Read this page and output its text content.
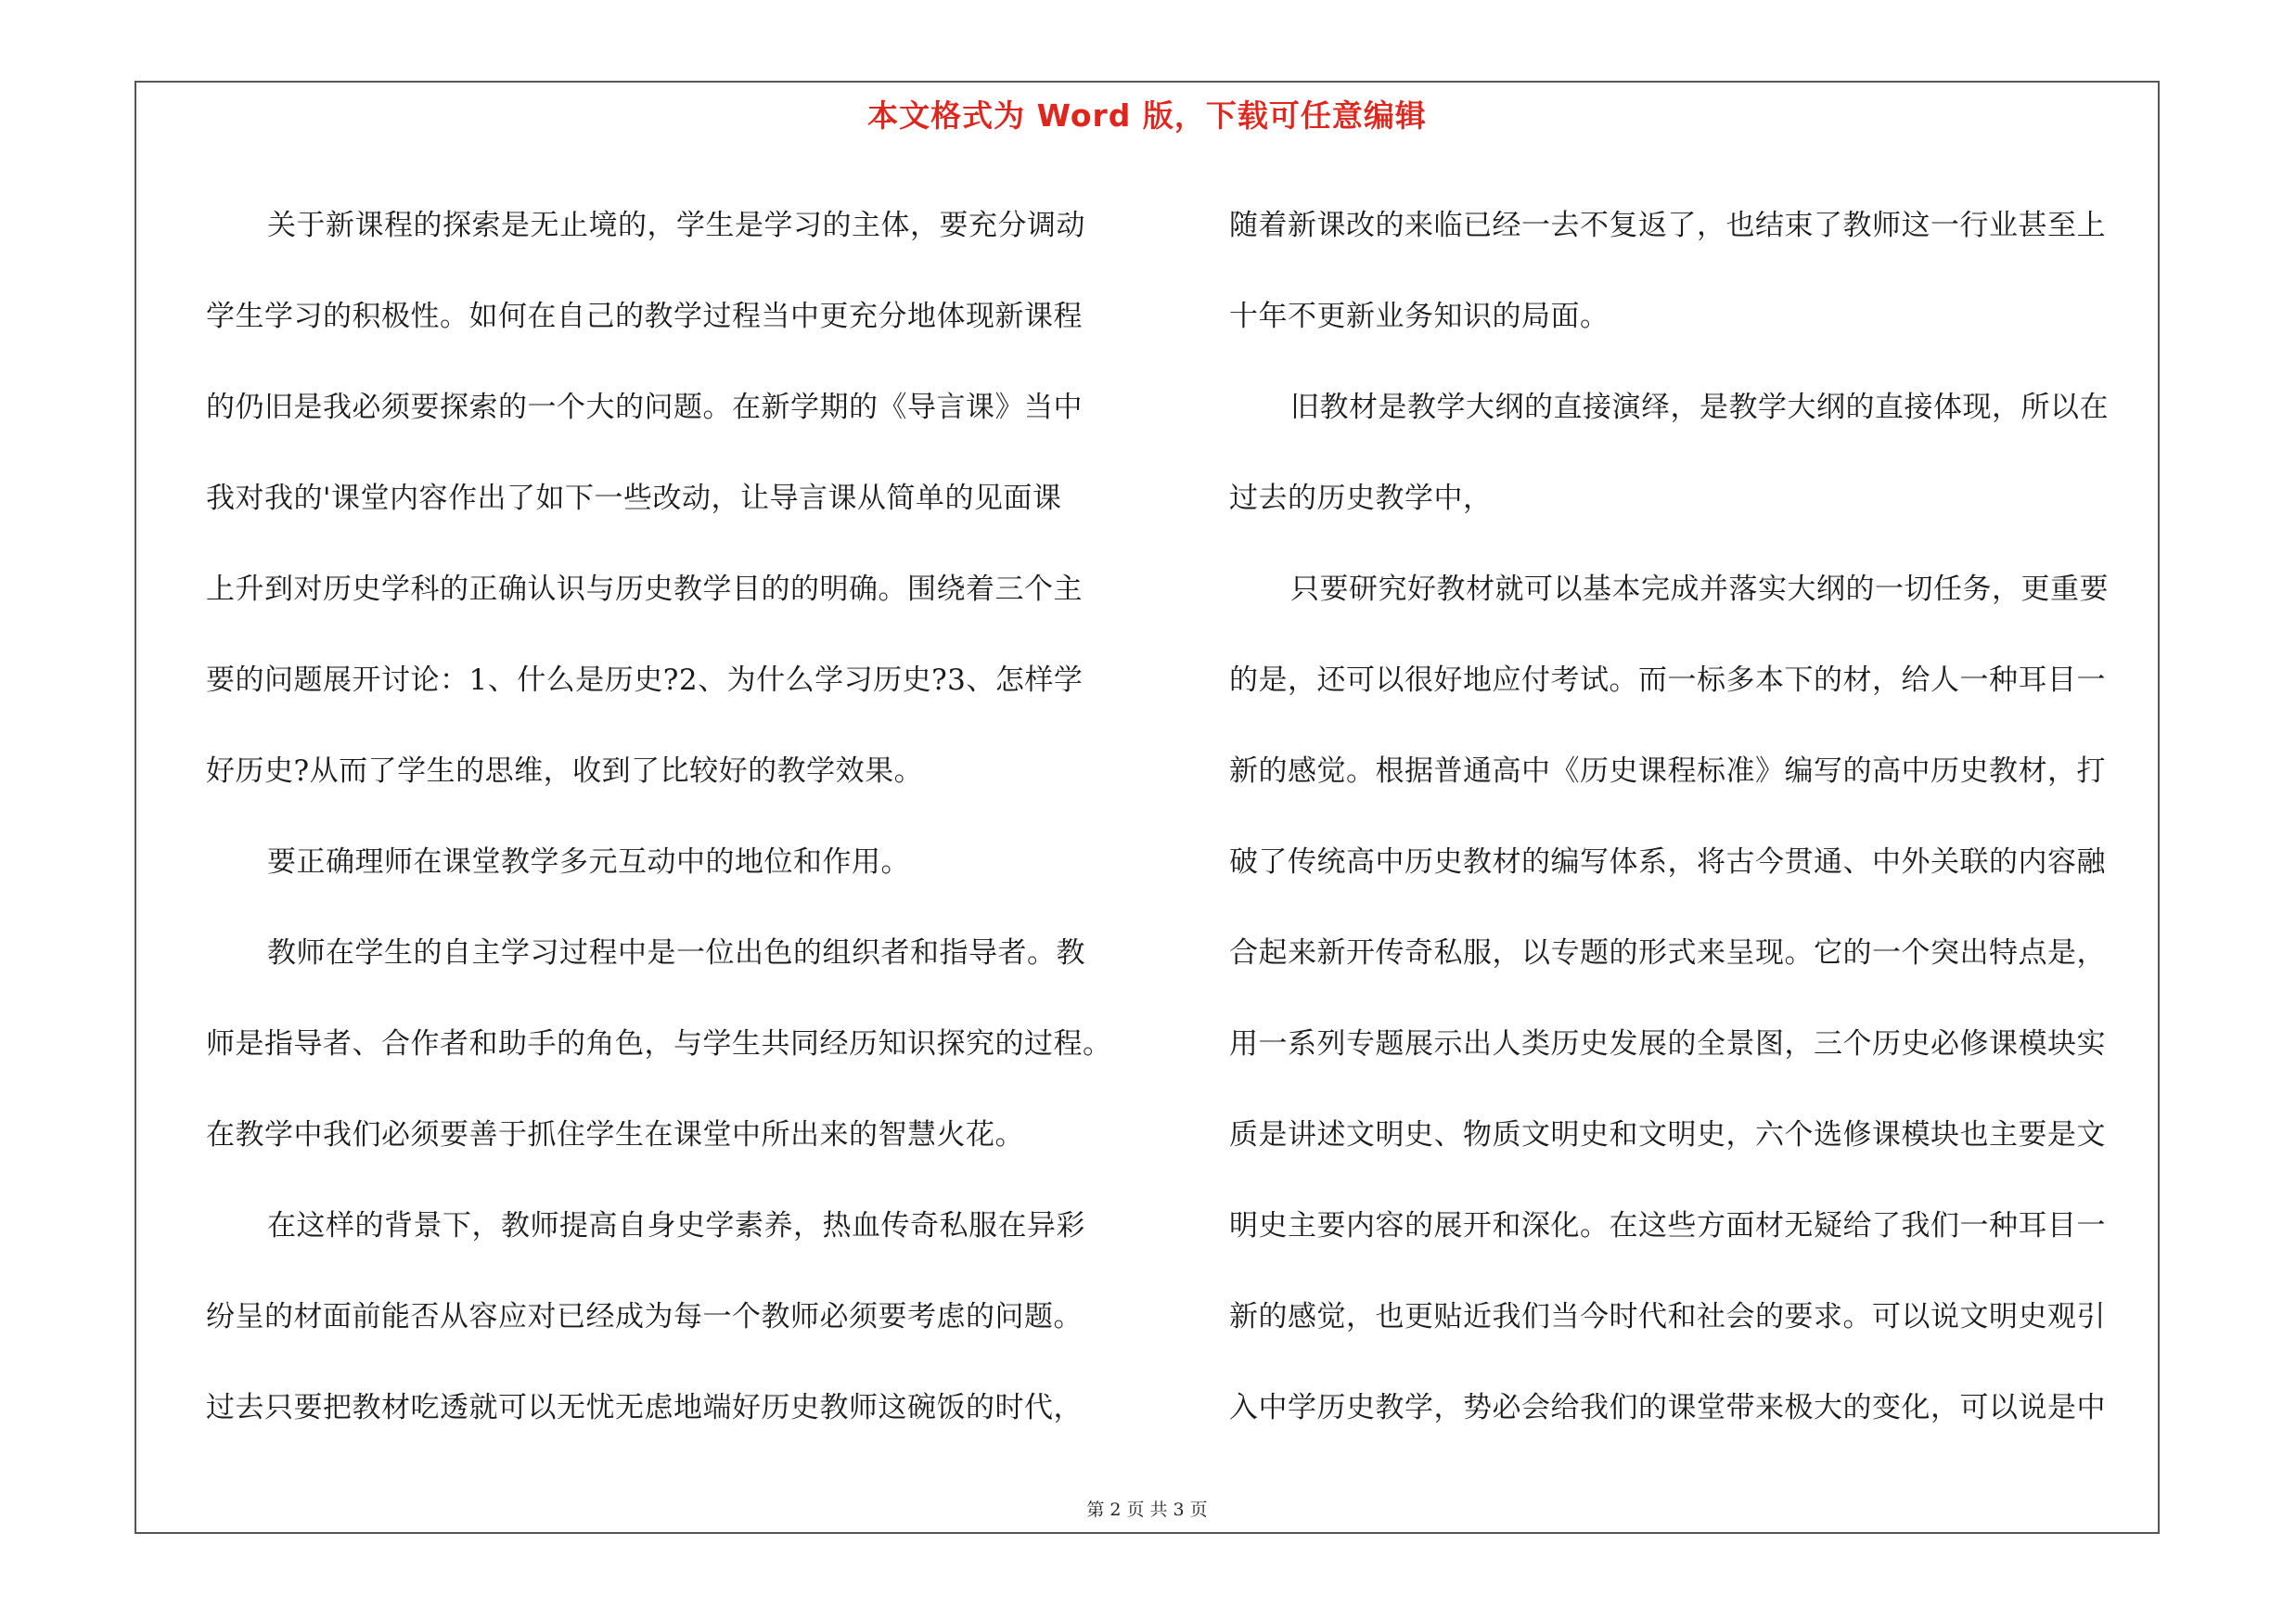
本文格式为 Word 版，下载可任意编辑
关于新课程的探索是无止境的，学生是学习的主体，要充分调动
学生学习的积极性。如何在自己的教学过程当中更充分地体现新课程
的仍旧是我必须要探索的一个大的问题。在新学期的《导言课》当中
我对我的'课堂内容作出了如下一些改动，让导言课从简单的见面课
上升到对历史学科的正确认识与历史教学目的的明确。围绕着三个主
要的问题展开讨论：1、什么是历史?2、为什么学习历史?3、怎样学
好历史?从而了学生的思维，收到了比较好的教学效果。
要正确理师在课堂教学多元互动中的地位和作用。
教师在学生的自主学习过程中是一位出色的组织者和指导者。教
师是指导者、合作者和助手的角色，与学生共同经历知识探究的过程。
在教学中我们必须要善于抓住学生在课堂中所出来的智慧火花。
在这样的背景下，教师提高自身史学素养，热血传奇私服在异彩
纷呈的材面前能否从容应对已经成为每一个教师必须要考虑的问题。
过去只要把教材吃透就可以无忧无虑地端好历史教师这碗饭的时代，
随着新课改的来临已经一去不复返了，也结束了教师这一行业甚至上
十年不更新业务知识的局面。
旧教材是教学大纲的直接演绎，是教学大纲的直接体现，所以在
过去的历史教学中，
只要研究好教材就可以基本完成并落实大纲的一切任务，更重要
的是，还可以很好地应付考试。而一标多本下的材，给人一种耳目一
新的感觉。根据普通高中《历史课程标准》编写的高中历史教材，打
破了传统高中历史教材的编写体系，将古今贯通、中外关联的内容融
合起来新开传奇私服，以专题的形式来呈现。它的一个突出特点是，
用一系列专题展示出人类历史发展的全景图，三个历史必修课模块实
质是讲述文明史、物质文明史和文明史，六个选修课模块也主要是文
明史主要内容的展开和深化。在这些方面材无疑给了我们一种耳目一
新的感觉，也更贴近我们当今时代和社会的要求。可以说文明史观引
入中学历史教学，势必会给我们的课堂带来极大的变化，可以说是中
第 2 页 共 3 页
